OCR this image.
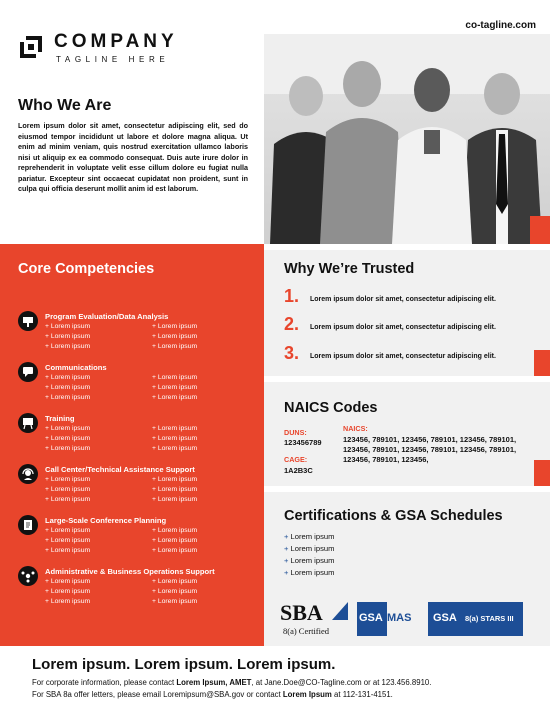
co-tagline.com
COMPANY
TAGLINE HERE
Who We Are
Lorem ipsum dolor sit amet, consectetur adipiscing elit, sed do eiusmod tempor incididunt ut labore et dolore magna aliqua. Ut enim ad minim veniam, quis nostrud exercitation ullamco laboris nisi ut aliquip ex ea commodo consequat. Duis aute irure dolor in reprehenderit in voluptate velit esse cillum dolore eu fugiat nulla pariatur. Excepteur sint occaecat cupidatat non proident, sunt in culpa qui officia deserunt mollit anim id est laborum.
Core Competencies
Program Evaluation/Data Analysis
+ Lorem ipsum
+ Lorem ipsum
+ Lorem ipsum
+ Lorem ipsum
+ Lorem ipsum
+ Lorem ipsum
Communications
+ Lorem ipsum
+ Lorem ipsum
+ Lorem ipsum
+ Lorem ipsum
+ Lorem ipsum
+ Lorem ipsum
Training
+ Lorem ipsum
+ Lorem ipsum
+ Lorem ipsum
+ Lorem ipsum
+ Lorem ipsum
+ Lorem ipsum
Call Center/Technical Assistance Support
+ Lorem ipsum
+ Lorem ipsum
+ Lorem ipsum
+ Lorem ipsum
+ Lorem ipsum
+ Lorem ipsum
Large-Scale Conference Planning
+ Lorem ipsum
+ Lorem ipsum
+ Lorem ipsum
+ Lorem ipsum
+ Lorem ipsum
+ Lorem ipsum
Administrative & Business Operations Support
+ Lorem ipsum
+ Lorem ipsum
+ Lorem ipsum
+ Lorem ipsum
+ Lorem ipsum
+ Lorem ipsum
Why We’re Trusted
1. Lorem ipsum dolor sit amet, consectetur adipiscing elit.
2. Lorem ipsum dolor sit amet, consectetur adipiscing elit.
3. Lorem ipsum dolor sit amet, consectetur adipiscing elit.
NAICS Codes
DUNS:
123456789
CAGE:
1A2B3C
NAICS:
123456, 789101, 123456, 789101, 123456, 789101,
123456, 789101, 123456, 789101, 123456, 789101,
123456, 789101, 123456,
Certifications & GSA Schedules
+ Lorem ipsum
+ Lorem ipsum
+ Lorem ipsum
+ Lorem ipsum
SBA
8(a) Certified
GSA MAS GSA 8(a) STARS III
Lorem ipsum. Lorem ipsum. Lorem ipsum.
For corporate information, please contact Lorem Ipsum, AMET, at Jane.Doe@CO-Tagline.com or at 123.456.8910.
For SBA 8a offer letters, please email Loremipsum@SBA.gov or contact Lorem Ipsum at 112-131-4151.
